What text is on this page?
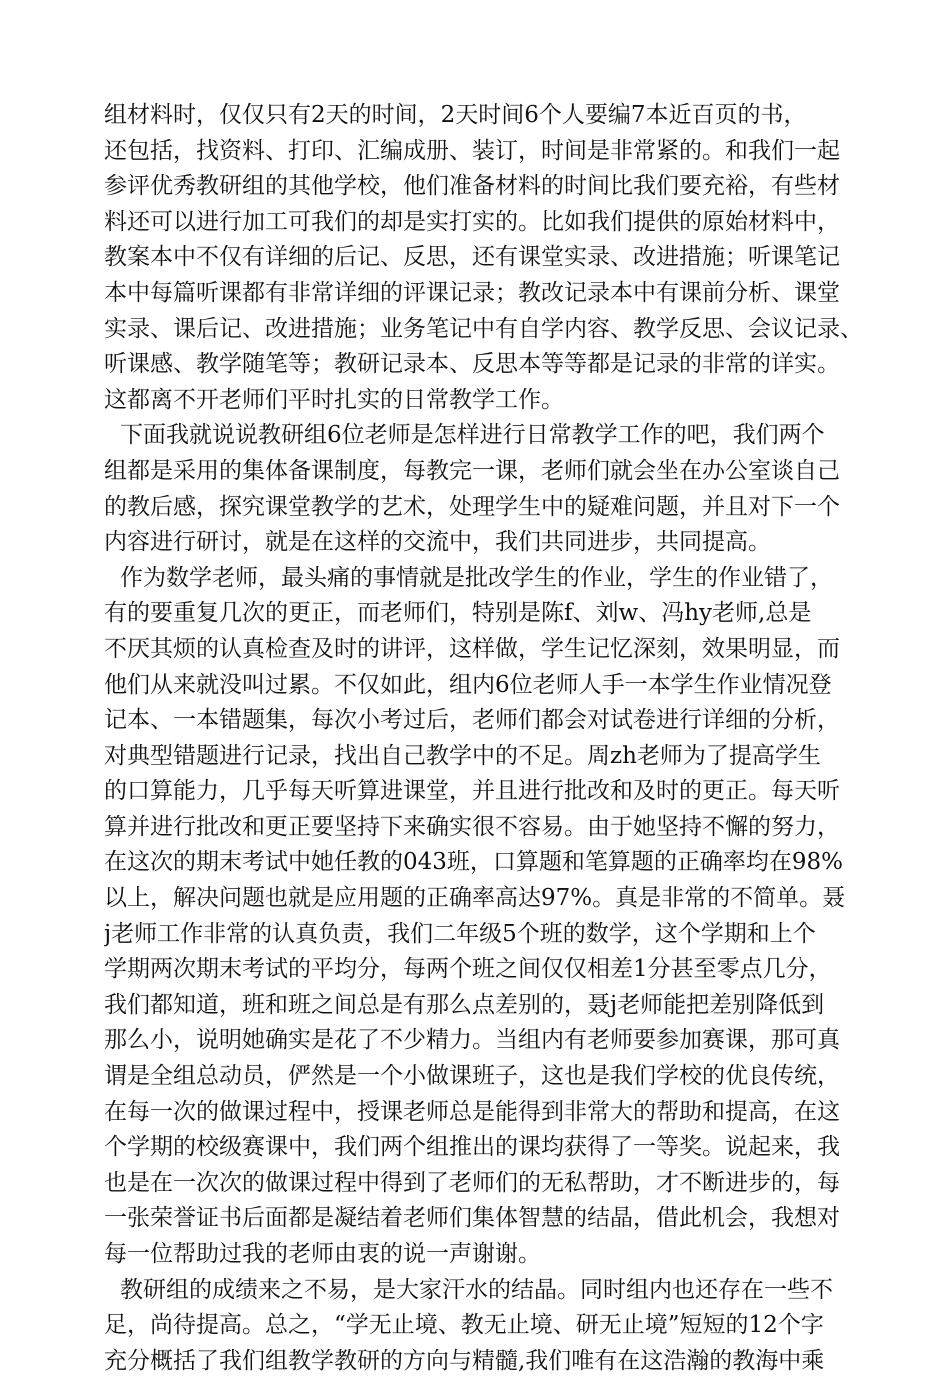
组材料时，仅仅只有2天的时间，2天时间6个人要编7本近百页的书，
还包括，找资料、打印、汇编成册、装订，时间是非常紧的。和我们一起
参评优秀教研组的其他学校，他们准备材料的时间比我们要充裕，有些材
料还可以进行加工可我们的却是实打实的。比如我们提供的原始材料中，
教案本中不仅有详细的后记、反思，还有课堂实录、改进措施；听课笔记
本中每篇听课都有非常详细的评课记录；教改记录本中有课前分析、课堂
实录、课后记、改进措施；业务笔记中有自学内容、教学反思、会议记录、
听课感、教学随笔等；教研记录本、反思本等等都是记录的非常的详实。
这都离不开老师们平时扎实的日常教学工作。
下面我就说说教研组6位老师是怎样进行日常教学工作的吧，我们两个
组都是采用的集体备课制度，每教完一课，老师们就会坐在办公室谈自己
的教后感，探究课堂教学的艺术，处理学生中的疑难问题，并且对下一个
内容进行研讨，就是在这样的交流中，我们共同进步，共同提高。
作为数学老师，最头痛的事情就是批改学生的作业，学生的作业错了，
有的要重复几次的更正，而老师们，特别是陈f、刘w、冯hy老师,总是
不厌其烦的认真检查及时的讲评，这样做，学生记忆深刻，效果明显，而
他们从来就没叫过累。不仅如此，组内6位老师人手一本学生作业情况登
记本、一本错题集，每次小考过后，老师们都会对试卷进行详细的分析，
对典型错题进行记录，找出自己教学中的不足。周zh老师为了提高学生
的口算能力，几乎每天听算进课堂，并且进行批改和及时的更正。每天听
算并进行批改和更正要坚持下来确实很不容易。由于她坚持不懈的努力，
在这次的期末考试中她任教的043班，口算题和笔算题的正确率均在98%
以上，解决问题也就是应用题的正确率高达97%。真是非常的不简单。聂
j老师工作非常的认真负责，我们二年级5个班的数学，这个学期和上个
学期两次期末考试的平均分，每两个班之间仅仅相差1分甚至零点几分，
我们都知道，班和班之间总是有那么点差别的，聂j老师能把差别降低到
那么小，说明她确实是花了不少精力。当组内有老师要参加赛课，那可真
谓是全组总动员，俨然是一个小做课班子，这也是我们学校的优良传统，
在每一次的做课过程中，授课老师总是能得到非常大的帮助和提高，在这
个学期的校级赛课中，我们两个组推出的课均获得了一等奖。说起来，我
也是在一次次的做课过程中得到了老师们的无私帮助，才不断进步的，每
一张荣誉证书后面都是凝结着老师们集体智慧的结晶，借此机会，我想对
每一位帮助过我的老师由衷的说一声谢谢。
教研组的成绩来之不易，是大家汗水的结晶。同时组内也还存在一些不
足，尚待提高。总之，“学无止境、教无止境、研无止境”短短的12个字
充分概括了我们组教学教研的方向与精髓,我们唯有在这浩瀚的教海中乘
